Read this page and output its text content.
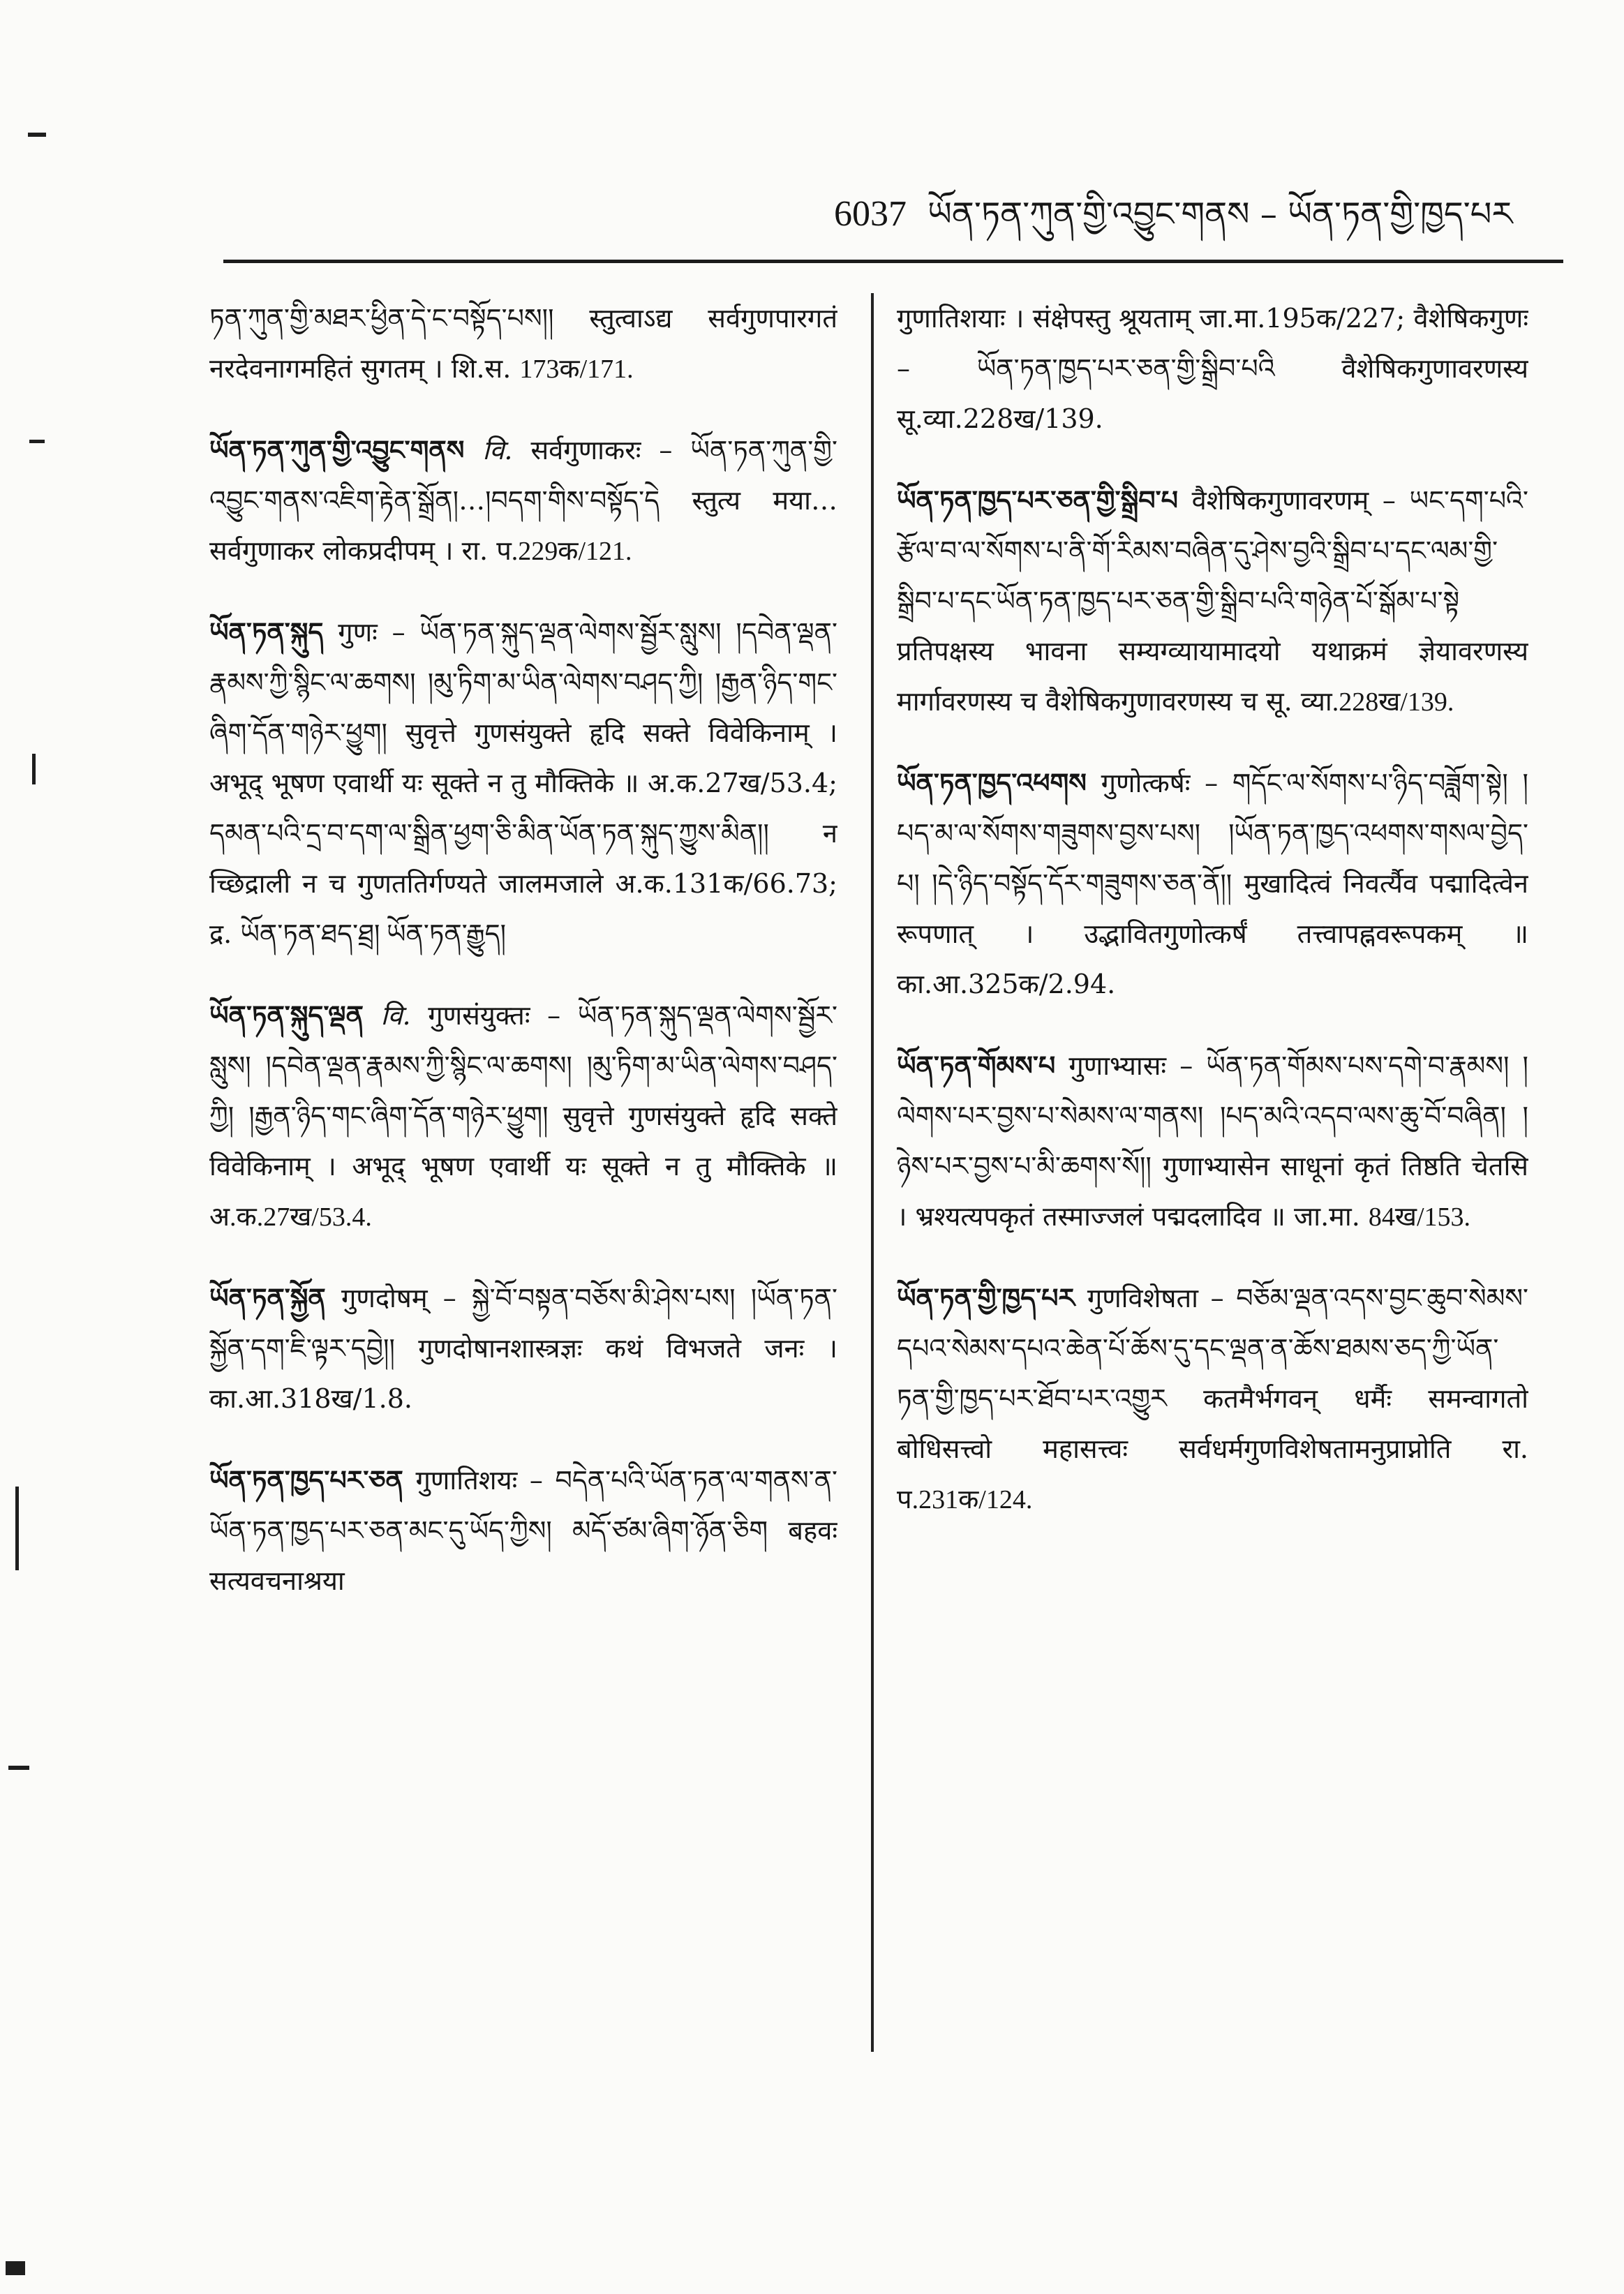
6037 ཡོན་ཏན་ཀུན་གྱི་འབྱུང་གནས – ཡོན་ཏན་གྱི་ཁྱད་པར
ཏན་ཀུན་གྱི་མཐར་ཕྱིན་དེ་ང་བསྟོད་པས།། स्तुत्वाऽद्य सर्वगुणपारगतं नरदेवनागमहितं सुगतम् । शि.स. 173क/171.
ཡོན་ཏན་ཀུན་གྱི་འབྱུང་གནས वि. सर्वगुणाकरः – ཡོན་ཏན་ཀུན་གྱི་འབྱུང་གནས་འཇིག་རྟེན་སྒྲོན།…།བདག་གིས་བསྟོད་དེ स्तुत्य मया…सर्वगुणाकर लोकप्रदीपम् । रा. प.229क/121.
ཡོན་ཏན་སྐུད गुणः – ཡོན་ཏན་སྐུད་ལྡན་ལེགས་སྦྱོར་སླུས། །དབེན་ལྡན་རྣམས་ཀྱི་སྙིང་ལ་ཆགས། །མུ་ཏིག་མ་ཡིན་ལེགས་བཤད་ཀྱི། །རྒྱན་ཉིད་གང་ཞིག་དོན་གཉེར་ཕྱུག། सुवृत्ते गुणसंयुक्ते हृदि सक्ते विवेकिनाम् । अभूद् भूषण एवार्थी यः सूक्ते न तु मौक्तिके ॥ अ.क.27ख/53.4; དམན་པའི་དྲ་བ་དག་ལ་སྒྲིན་ཕྱག་ཅི་མིན་ཡོན་ཏན་སྐུད་ཀྱུས་མིན།། न च्छिद्राली न च गुणततिर्गण्यते जालमजाले अ.क.131क/66.73; द्र. ཡོན་ཏན་ཐད་ཐྲ། ཡོན་ཏན་རྒྱུད།
ཡོན་ཏན་སྐུད་ལྡན वि. गुणसंयुक्तः – ཡོན་ཏན་སྐུད་ལྡན་ལེགས་སྦྱོར་སླུས། །དབེན་ལྡན་རྣམས་ཀྱི་སྙིང་ལ་ཆགས། །མུ་ཏིག་མ་ཡིན་ལེགས་བཤད་ཀྱི། །རྒྱན་ཉིད་གང་ཞིག་དོན་གཉེར་ཕྱུག། सुवृत्ते गुणसंयुक्ते हृदि सक्ते विवेकिनाम् । अभूद् भूषण एवार्थी यः सूक्ते न तु मौक्तिके ॥ अ.क.27ख/53.4.
ཡོན་ཏན་སྐྱོན गुणदोषम् – སྐྱེ་བོ་བསྟན་བཅོས་མི་ཤེས་པས། །ཡོན་ཏན་སྐྱོན་དག་ཇི་ལྟར་དབྱེ།། गुणदोषानशास्त्रज्ञः कथं विभजते जनः । का.आ.318ख/1.8.
ཡོན་ཏན་ཁྱད་པར་ཅན गुणातिशयः – བདེན་པའི་ཡོན་ཏན་ལ་གནས་ན་ཡོན་ཏན་ཁྱད་པར་ཅན་མང་དུ་ཡོད་ཀྱིས། མདོ་ཙམ་ཞིག་ཉོན་ཅིག बहवः सत्यवचनाश्रया
गुणातिशयाः । संक्षेपस्तु श्रूयताम् जा.मा.195क/227; वैशेषिकगुणः – ཡོན་ཏན་ཁྱད་པར་ཅན་གྱི་སྒྲིབ་པའི वैशेषिकगुणावरणस्य सू.व्या.228ख/139.
ཡོན་ཏན་ཁྱད་པར་ཅན་གྱི་སྒྲིབ་པ वैशेषिकगुणावरणम् – ཡང་དག་པའི་རྩོལ་བ་ལ་སོགས་པ་ནི་གོ་རིམས་བཞིན་དུ་ཤེས་བྱའི་སྒྲིབ་པ་དང་ལམ་གྱི་སྒྲིབ་པ་དང་ཡོན་ཏན་ཁྱད་པར་ཅན་གྱི་སྒྲིབ་པའི་གཉེན་པོ་སྒོམ་པ་སྟེ प्रतिपक्षस्य भावना सम्यग्व्यायामादयो यथाक्रमं ज्ञेयावरणस्य मार्गावरणस्य च वैशेषिकगुणावरणस्य च सू. व्या.228ख/139.
ཡོན་ཏན་ཁྱད་འཕགས गुणोत्कर्षः – གདོང་ལ་སོགས་པ་ཉིད་བཟློག་སྟེ། །པད་མ་ལ་སོགས་གཟུགས་བྱས་པས། །ཡོན་ཏན་ཁྱད་འཕགས་གསལ་བྱེད་པ། །དེ་ཉིད་བསྟོད་དོར་གཟུགས་ཅན་ནོ།། मुखादित्वं निवर्त्यैव पद्मादित्वेन रूपणात् । उद्भावितगुणोत्कर्षं तत्त्वापह्नवरूपकम् ॥ का.आ.325क/2.94.
ཡོན་ཏན་གོམས་པ गुणाभ्यासः – ཡོན་ཏན་གོམས་པས་དགེ་བ་རྣམས། །ལེགས་པར་བྱས་པ་སེམས་ལ་གནས། །པད་མའི་འདབ་ལས་ཆུ་བོ་བཞིན། །ཉེས་པར་བྱས་པ་མི་ཆགས་སོ།། गुणाभ्यासेन साधूनां कृतं तिष्ठति चेतसि । भ्रश्यत्यपकृतं तस्माज्जलं पद्मदलादिव ॥ जा.मा. 84ख/153.
ཡོན་ཏན་གྱི་ཁྱད་པར गुणविशेषता – བཅོམ་ལྡན་འདས་བྱང་ཆུབ་སེམས་དཔའ་སེམས་དཔའ་ཆེན་པོ་ཆོས་དུ་དང་ལྡན་ན་ཆོས་ཐམས་ཅད་ཀྱི་ཡོན་ཏན་གྱི་ཁྱད་པར་ཐོབ་པར་འགྱུར कतमैर्भगवन् धर्मैः समन्वागतो बोधिसत्त्वो महासत्त्वः सर्वधर्मगुणविशेषतामनुप्राप्नोति रा. प.231क/124.
